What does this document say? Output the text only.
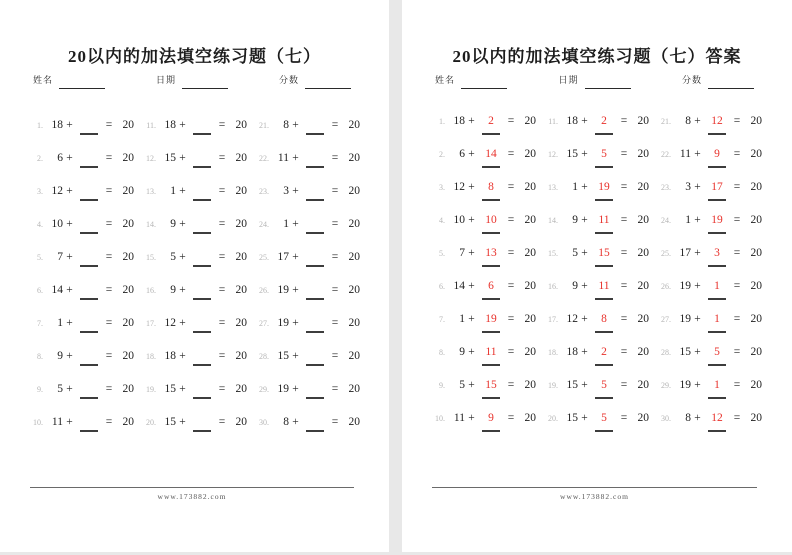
20以内的加法填空练习题（七）
姓名	日期	分数
1. 18 +	= 20
2.	6 +	= 20
3. 12 +	= 20
4. 10 +	= 20
5.	7 +	= 20
6. 14 +	= 20
7.	1 +	= 20
8.	9 +	= 20
9.	5 +	= 20
10. 11 +	= 20
11. 18 +	= 20
12. 15 +	= 20
13.	1 +	= 20
14.	9 +	= 20
15.	5 +	= 20
16.	9 +	= 20
17. 12 +	= 20
18. 18 +	= 20
19. 15 +	= 20
20. 15 +	= 20
21.	8 +	= 20
22. 11 +	= 20
23.	3 +	= 20
24.	1 +	= 20
25. 17 +	= 20
26. 19 +	= 20
27. 19 +	= 20
28. 15 +	= 20
29. 19 +	= 20
30.	8 +	= 20
www.173882.com
20以内的加法填空练习题（七）答案
姓名	日期	分数
1. 18 +	2	= 20
2.	6 + 14 = 20
3. 12 +	8	= 20
4. 10 + 10 = 20
5.	7 + 13 = 20
6. 14 +	6	= 20
7.	1 + 19 = 20
8.	9 + 11 = 20
9.	5 + 15 = 20
10. 11 +	9	= 20
11. 18 +	2	= 20
12. 15 +	5	= 20
13.	1 + 19 = 20
14.	9 + 11 = 20
15.	5 + 15 = 20
16.	9 + 11 = 20
17. 12 +	8	= 20
18. 18 +	2	= 20
19. 15 +	5	= 20
20. 15 +	5	= 20
21.	8 + 12 = 20
22. 11 +	9	= 20
23.	3 + 17 = 20
24.	1 + 19 = 20
25. 17 +	3	= 20
26. 19 +	1	= 20
27. 19 +	1	= 20
28. 15 +	5	= 20
29. 19 +	1	= 20
30.	8 + 12 = 20
www.173882.com
